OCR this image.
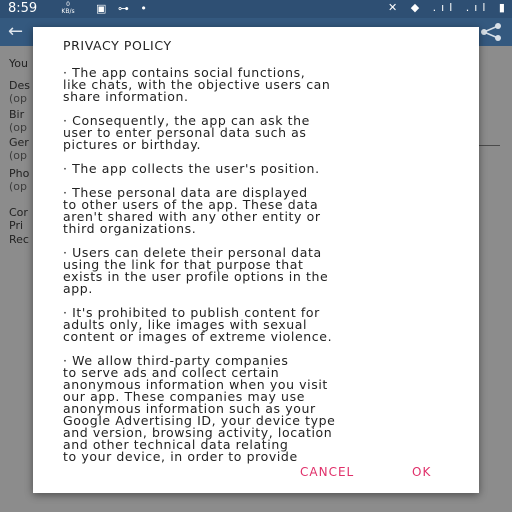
8:59	0
KB/s ▣ ⊶ •	✕ ◆ .ıl .ıl ▮
←
You
Des
(op
Bir
(op
Ger
(op
Pho
(op
Cor
Pri
Rec
PRIVACY POLICY
· The app contains social functions,
like chats, with the objective users can
share information.
· Consequently, the app can ask the
user to enter personal data such as
pictures or birthday.
· The app collects the user's position.
· These personal data are displayed
to other users of the app. These data
aren't shared with any other entity or
third organizations.
· Users can delete their personal data
using the link for that purpose that
exists in the user profile options in the
app.
· It's prohibited to publish content for
adults only, like images with sexual
content or images of extreme violence.
· We allow third-party companies
to serve ads and collect certain
anonymous information when you visit
our app. These companies may use
anonymous information such as your
Google Advertising ID, your device type
and version, browsing activity, location
and other technical data relating
to your device, in order to provide
CANCEL	OK
